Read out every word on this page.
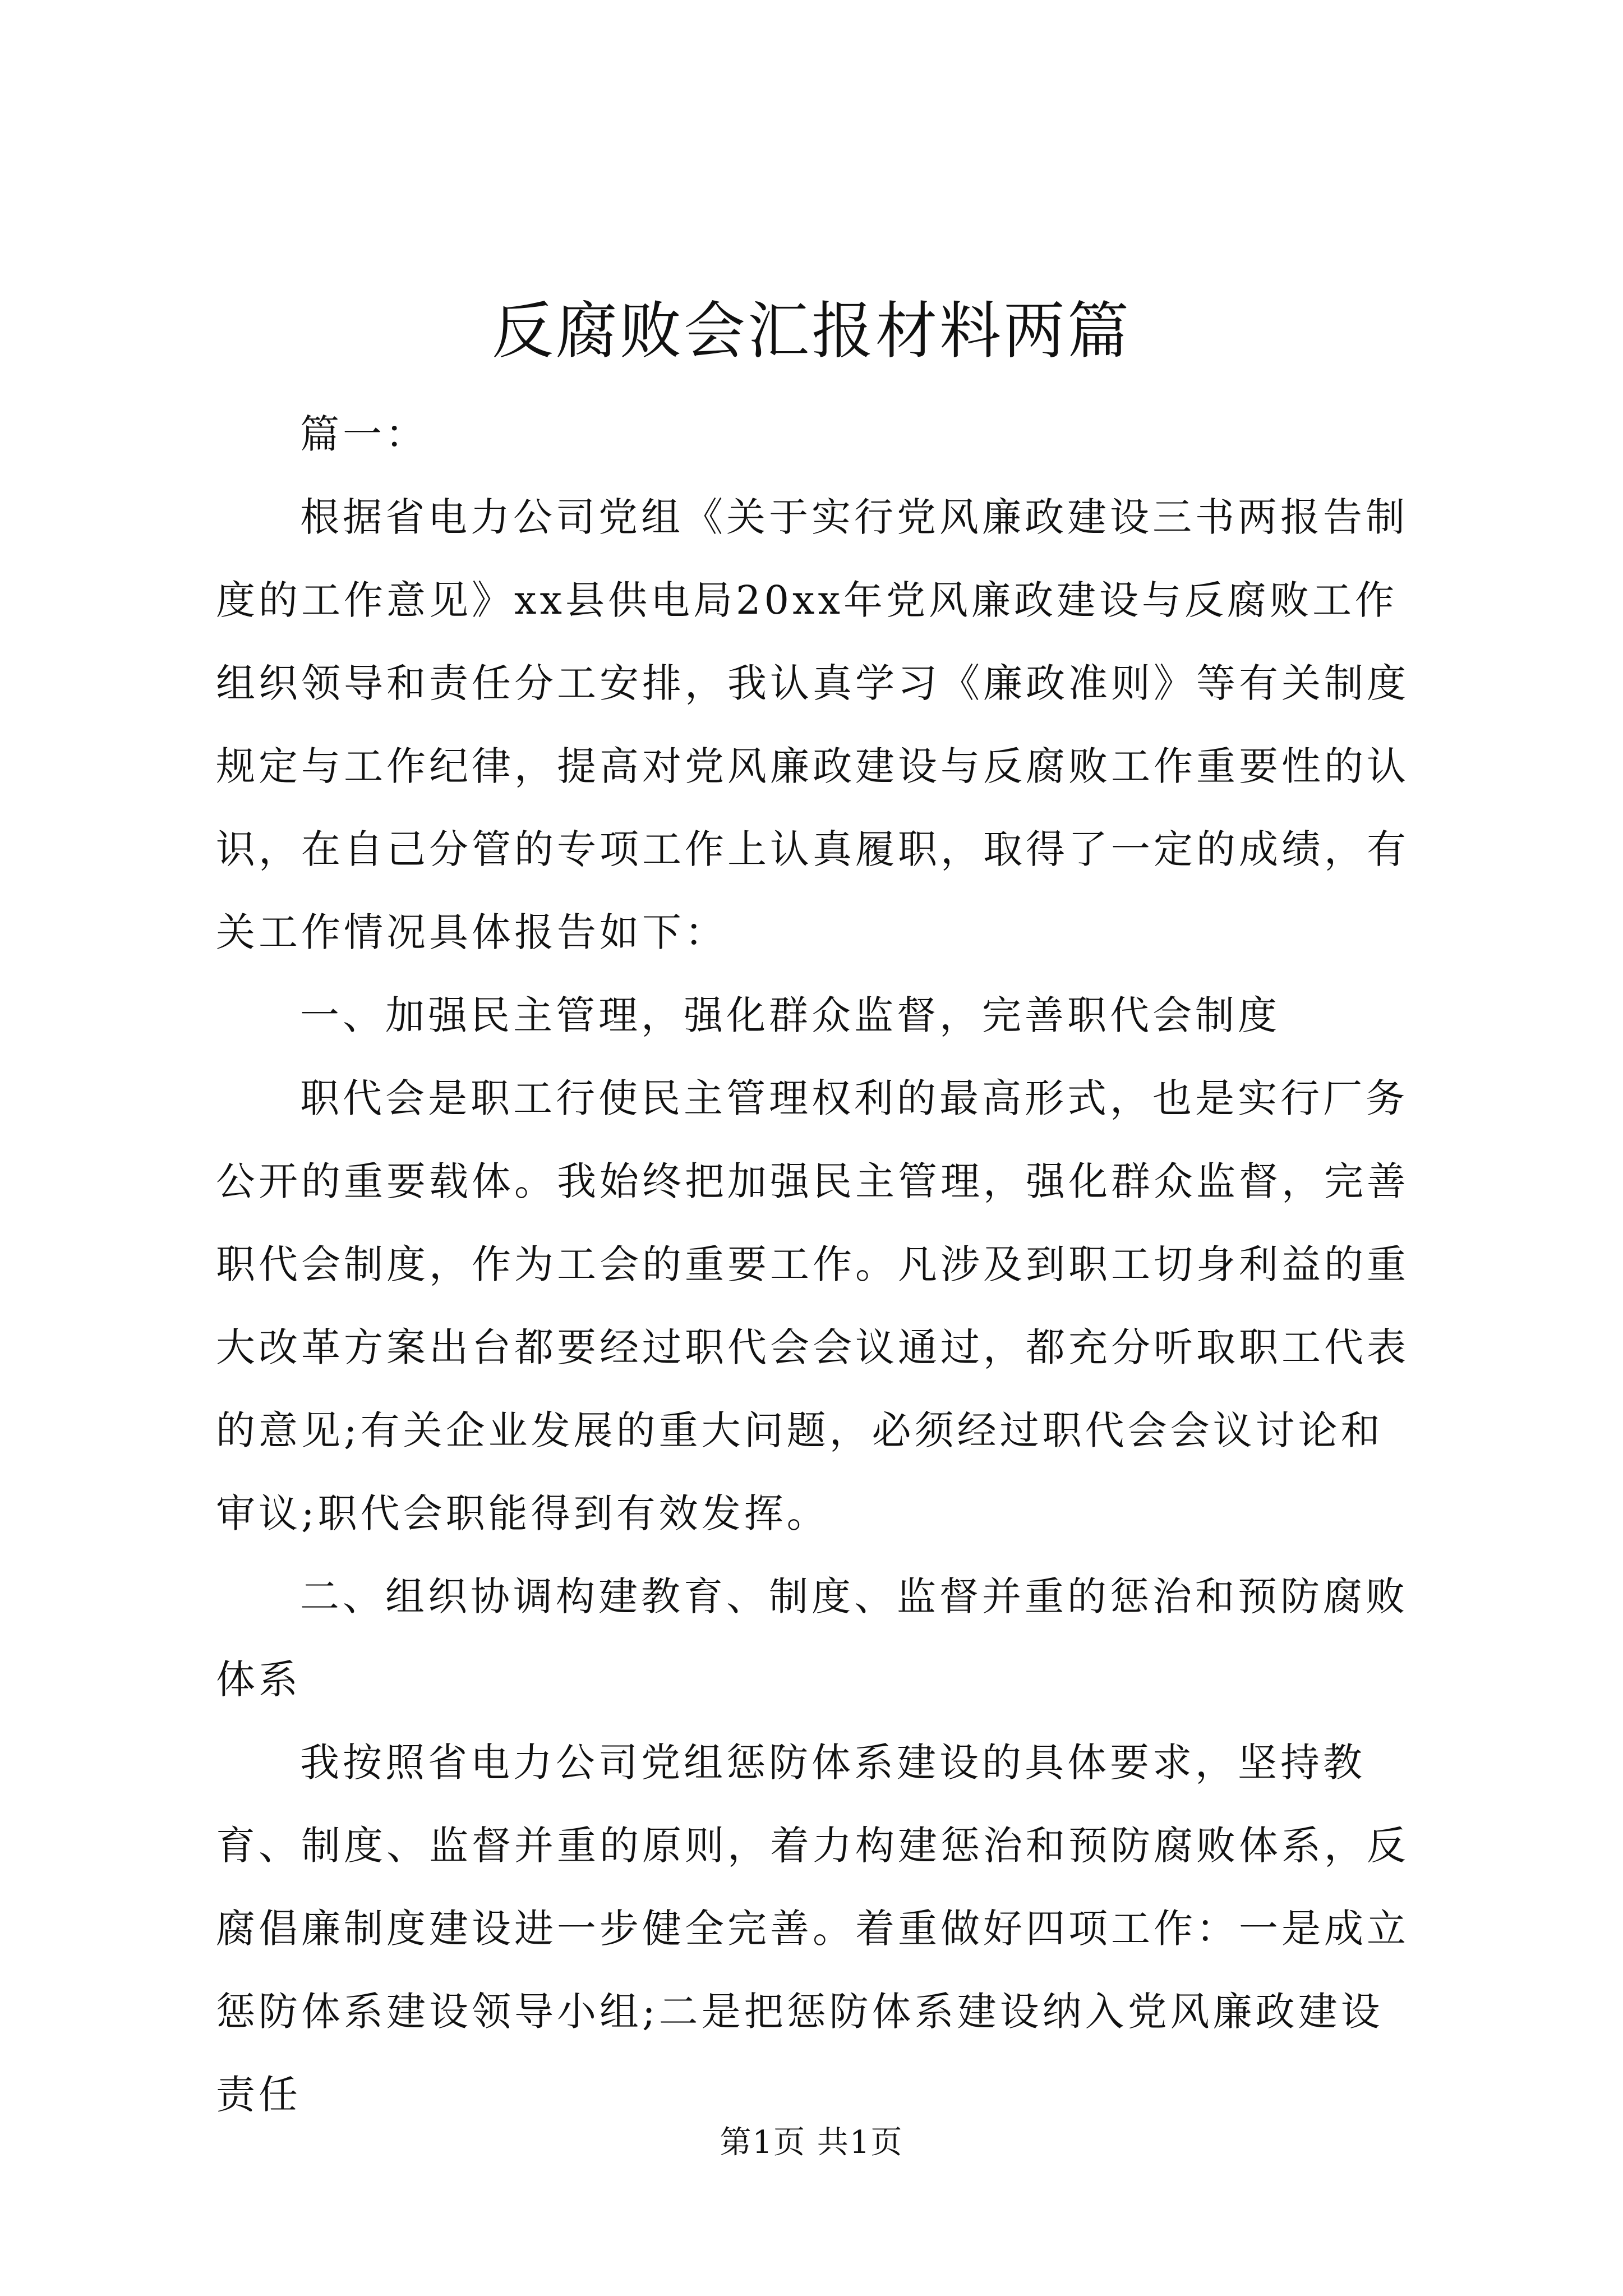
反腐败会汇报材料两篇

篇一：

根据省电力公司党组《关于实行党风廉政建设三书两报告制度的工作意见》xx县供电局20xx年党风廉政建设与反腐败工作组织领导和责任分工安排，我认真学习《廉政准则》等有关制度规定与工作纪律，提高对党风廉政建设与反腐败工作重要性的认识，在自己分管的专项工作上认真履职，取得了一定的成绩，有关工作情况具体报告如下：

一、加强民主管理，强化群众监督，完善职代会制度

职代会是职工行使民主管理权利的最高形式，也是实行厂务公开的重要载体。我始终把加强民主管理，强化群众监督，完善职代会制度，作为工会的重要工作。凡涉及到职工切身利益的重大改革方案出台都要经过职代会会议通过，都充分听取职工代表的意见;有关企业发展的重大问题，必须经过职代会会议讨论和审议;职代会职能得到有效发挥。

二、组织协调构建教育、制度、监督并重的惩治和预防腐败体系

我按照省电力公司党组惩防体系建设的具体要求，坚持教育、制度、监督并重的原则，着力构建惩治和预防腐败体系，反腐倡廉制度建设进一步健全完善。着重做好四项工作：一是成立惩防体系建设领导小组;二是把惩防体系建设纳入党风廉政建设责任

第1页 共1页
